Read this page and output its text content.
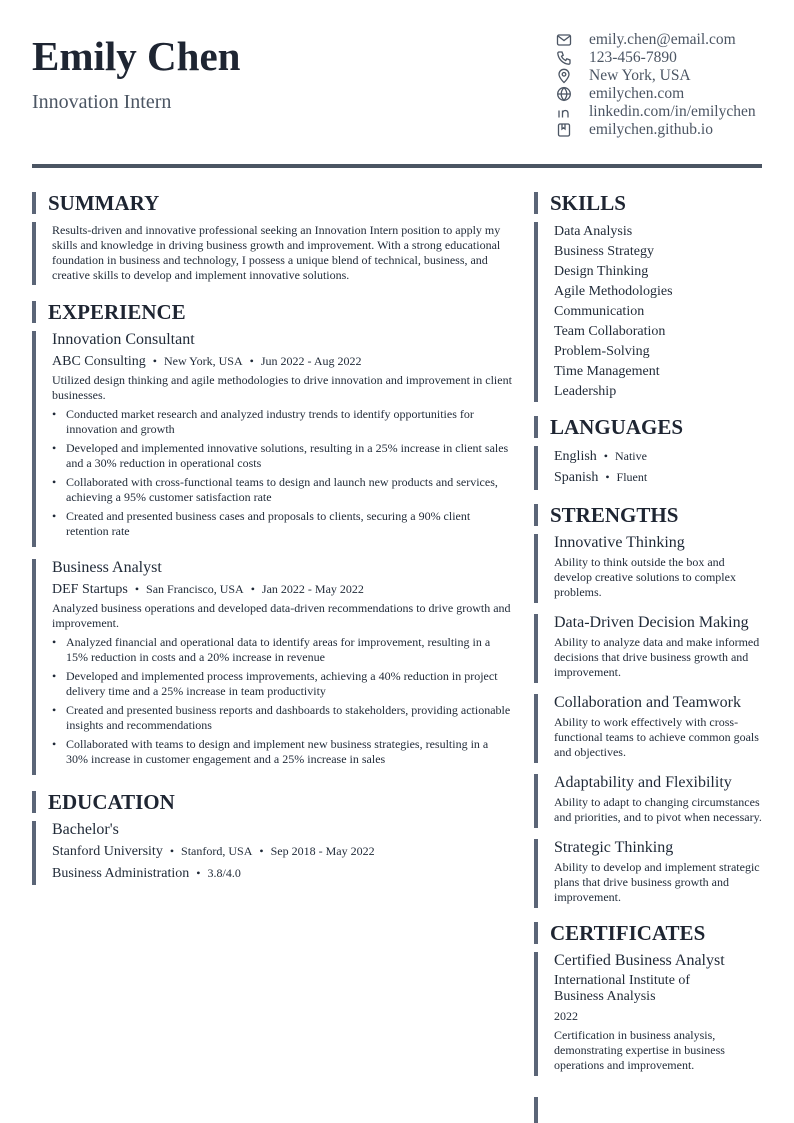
Emily Chen
Innovation Intern
emily.chen@email.com
123-456-7890
New York, USA
emilychen.com
linkedin.com/in/emilychen
emilychen.github.io
SUMMARY
Results-driven and innovative professional seeking an Innovation Intern position to apply my skills and knowledge in driving business growth and improvement. With a strong educational foundation in business and technology, I possess a unique blend of technical, business, and creative skills to develop and implement innovative solutions.
EXPERIENCE
Innovation Consultant
ABC Consulting • New York, USA • Jun 2022 - Aug 2022
Utilized design thinking and agile methodologies to drive innovation and improvement in client businesses.
• Conducted market research and analyzed industry trends to identify opportunities for innovation and growth
• Developed and implemented innovative solutions, resulting in a 25% increase in client sales and a 30% reduction in operational costs
• Collaborated with cross-functional teams to design and launch new products and services, achieving a 95% customer satisfaction rate
• Created and presented business cases and proposals to clients, securing a 90% client retention rate
Business Analyst
DEF Startups • San Francisco, USA • Jan 2022 - May 2022
Analyzed business operations and developed data-driven recommendations to drive growth and improvement.
• Analyzed financial and operational data to identify areas for improvement, resulting in a 15% reduction in costs and a 20% increase in revenue
• Developed and implemented process improvements, achieving a 40% reduction in project delivery time and a 25% increase in team productivity
• Created and presented business reports and dashboards to stakeholders, providing actionable insights and recommendations
• Collaborated with teams to design and implement new business strategies, resulting in a 30% increase in customer engagement and a 25% increase in sales
EDUCATION
Bachelor's
Stanford University • Stanford, USA • Sep 2018 - May 2022
Business Administration • 3.8/4.0
SKILLS
Data Analysis
Business Strategy
Design Thinking
Agile Methodologies
Communication
Team Collaboration
Problem-Solving
Time Management
Leadership
LANGUAGES
English • Native
Spanish • Fluent
STRENGTHS
Innovative Thinking
Ability to think outside the box and develop creative solutions to complex problems.
Data-Driven Decision Making
Ability to analyze data and make informed decisions that drive business growth and improvement.
Collaboration and Teamwork
Ability to work effectively with cross-functional teams to achieve common goals and objectives.
Adaptability and Flexibility
Ability to adapt to changing circumstances and priorities, and to pivot when necessary.
Strategic Thinking
Ability to develop and implement strategic plans that drive business growth and improvement.
CERTIFICATES
Certified Business Analyst
International Institute of Business Analysis
2022
Certification in business analysis, demonstrating expertise in business operations and improvement.
